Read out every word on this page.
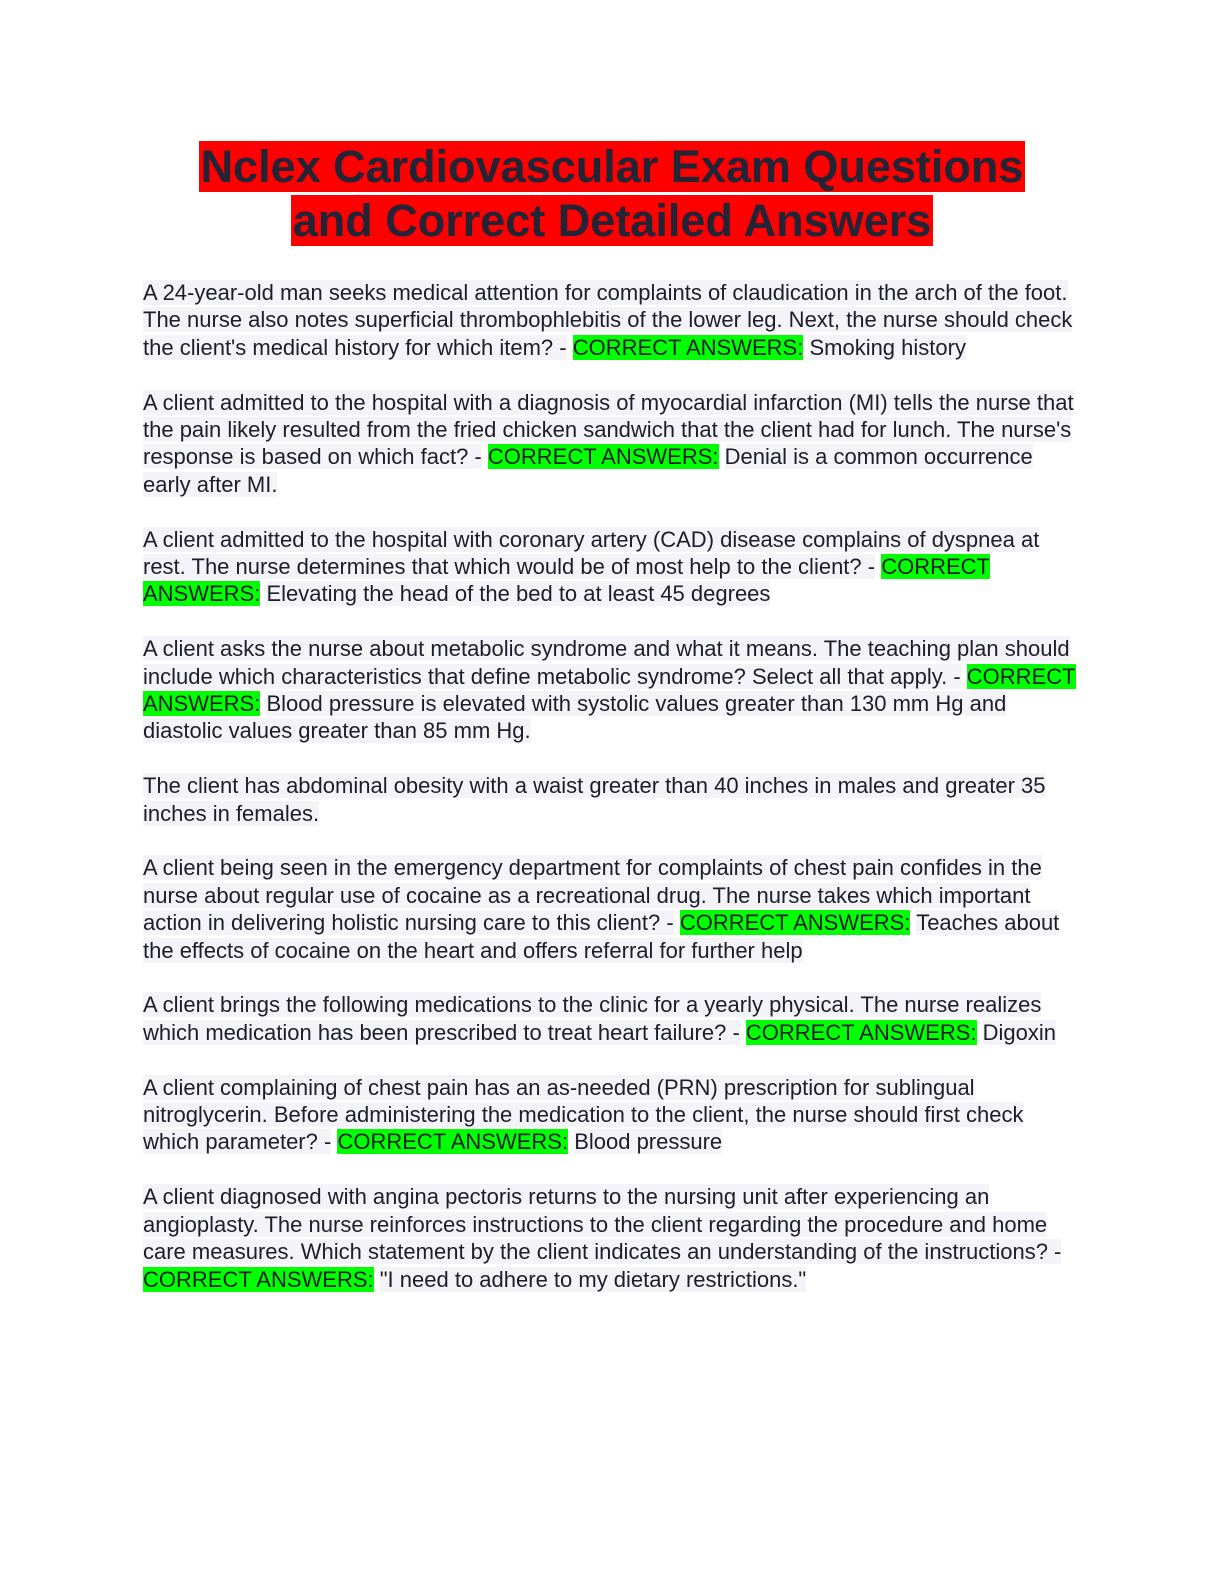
Nclex Cardiovascular Exam Questions
and Correct Detailed Answers

A 24-year-old man seeks medical attention for complaints of claudication in the arch of the foot. The nurse also notes superficial thrombophlebitis of the lower leg. Next, the nurse should check the client's medical history for which item? - CORRECT ANSWERS: Smoking history

A client admitted to the hospital with a diagnosis of myocardial infarction (MI) tells the nurse that the pain likely resulted from the fried chicken sandwich that the client had for lunch. The nurse's response is based on which fact? - CORRECT ANSWERS: Denial is a common occurrence early after MI.

A client admitted to the hospital with coronary artery (CAD) disease complains of dyspnea at rest. The nurse determines that which would be of most help to the client? - CORRECT ANSWERS: Elevating the head of the bed to at least 45 degrees

A client asks the nurse about metabolic syndrome and what it means. The teaching plan should include which characteristics that define metabolic syndrome? Select all that apply. - CORRECT ANSWERS: Blood pressure is elevated with systolic values greater than 130 mm Hg and diastolic values greater than 85 mm Hg.

The client has abdominal obesity with a waist greater than 40 inches in males and greater 35 inches in females.

A client being seen in the emergency department for complaints of chest pain confides in the nurse about regular use of cocaine as a recreational drug. The nurse takes which important action in delivering holistic nursing care to this client? - CORRECT ANSWERS: Teaches about the effects of cocaine on the heart and offers referral for further help

A client brings the following medications to the clinic for a yearly physical. The nurse realizes which medication has been prescribed to treat heart failure? - CORRECT ANSWERS: Digoxin

A client complaining of chest pain has an as-needed (PRN) prescription for sublingual nitroglycerin. Before administering the medication to the client, the nurse should first check which parameter? - CORRECT ANSWERS: Blood pressure

A client diagnosed with angina pectoris returns to the nursing unit after experiencing an angioplasty. The nurse reinforces instructions to the client regarding the procedure and home care measures. Which statement by the client indicates an understanding of the instructions? - CORRECT ANSWERS: "I need to adhere to my dietary restrictions."
